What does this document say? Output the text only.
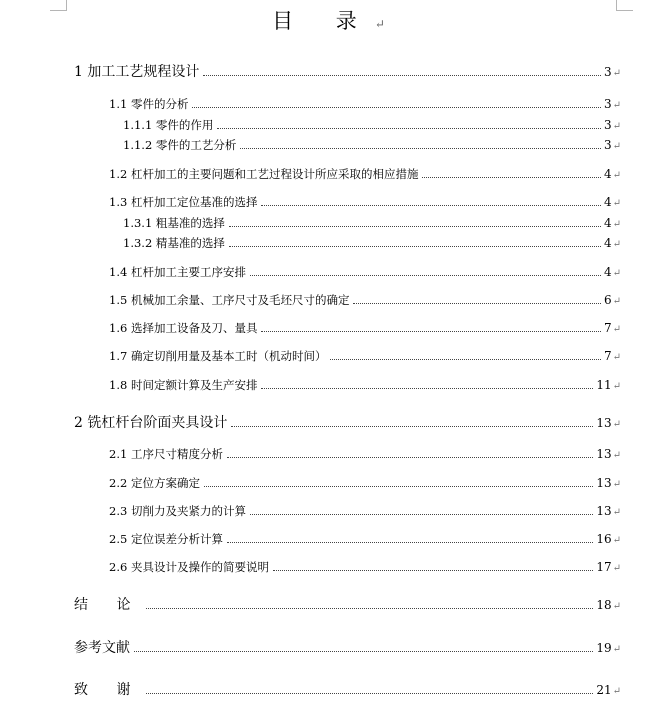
目 录↵
1 加工工艺规程设计	3 ↵
1.1 零件的分析	3 ↵
1.1.1 零件的作用	3 ↵
1.1.2 零件的工艺分析	3 ↵
1.2 杠杆加工的主要问题和工艺过程设计所应采取的相应措施	4 ↵
1.3 杠杆加工定位基准的选择	4 ↵
1.3.1 粗基准的选择	4 ↵
1.3.2 精基准的选择	4 ↵
1.4 杠杆加工主要工序安排	4 ↵
1.5 机械加工余量、工序尺寸及毛坯尺寸的确定	6 ↵
1.6 选择加工设备及刀、量具	7 ↵
1.7 确定切削用量及基本工时（机动时间）	7 ↵
1.8 时间定额计算及生产安排	11 ↵
2 铣杠杆台阶面夹具设计	13 ↵
2.1 工序尺寸精度分析	13 ↵
2.2 定位方案确定	13 ↵
2.3 切削力及夹紧力的计算	13 ↵
2.5 定位误差分析计算	16 ↵
2.6 夹具设计及操作的简要说明	17 ↵
结 论	18 ↵
参考文献	19 ↵
致 谢	21 ↵
